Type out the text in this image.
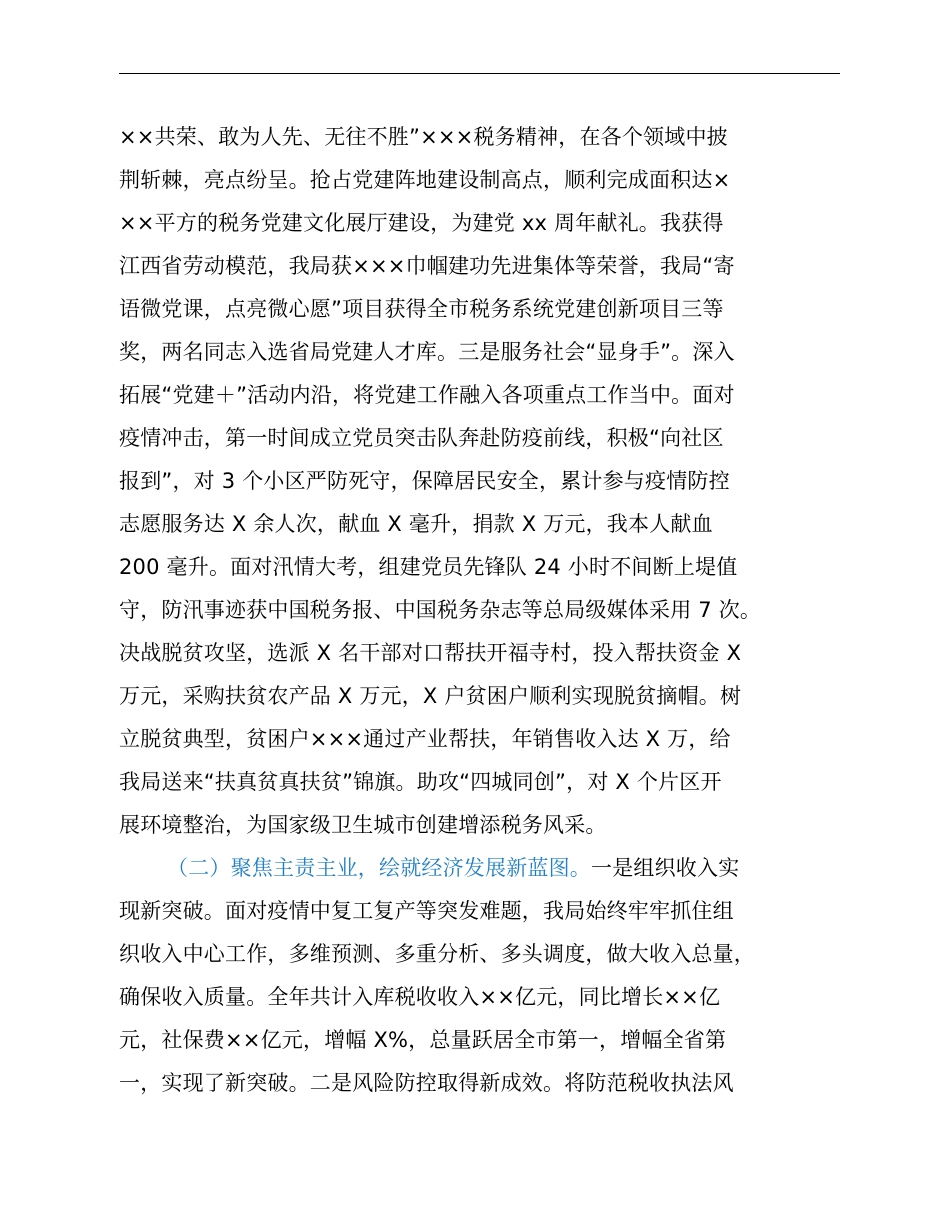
××共荣、敢为人先、无往不胜”×××税务精神，在各个领域中披
荆斩棘，亮点纷呈。抢占党建阵地建设制高点，顺利完成面积达×
××平方的税务党建文化展厅建设，为建党 xx 周年献礼。我获得
江西省劳动模范，我局获×××巾帼建功先进集体等荣誉，我局“寄
语微党课，点亮微心愿”项目获得全市税务系统党建创新项目三等
奖，两名同志入选省局党建人才库。三是服务社会“显身手”。深入
拓展“党建＋”活动内沿，将党建工作融入各项重点工作当中。面对
疫情冲击，第一时间成立党员突击队奔赴防疫前线，积极“向社区
报到”，对 3 个小区严防死守，保障居民安全，累计参与疫情防控
志愿服务达 X 余人次，献血 X 毫升，捐款 X 万元，我本人献血
200 毫升。面对汛情大考，组建党员先锋队 24 小时不间断上堤值
守，防汛事迹获中国税务报、中国税务杂志等总局级媒体采用 7 次。
决战脱贫攻坚，选派 X 名干部对口帮扶开福寺村，投入帮扶资金 X
万元，采购扶贫农产品 X 万元，X 户贫困户顺利实现脱贫摘帽。树
立脱贫典型，贫困户×××通过产业帮扶，年销售收入达 X 万，给
我局送来“扶真贫真扶贫”锦旗。助攻“四城同创”，对 X 个片区开
展环境整治，为国家级卫生城市创建增添税务风采。
（二）聚焦主责主业，绘就经济发展新蓝图。一是组织收入实
现新突破。面对疫情中复工复产等突发难题，我局始终牢牢抓住组
织收入中心工作，多维预测、多重分析、多头调度，做大收入总量，
确保收入质量。全年共计入库税收收入××亿元，同比增长××亿
元，社保费××亿元，增幅 X%，总量跃居全市第一，增幅全省第
一，实现了新突破。二是风险防控取得新成效。将防范税收执法风
